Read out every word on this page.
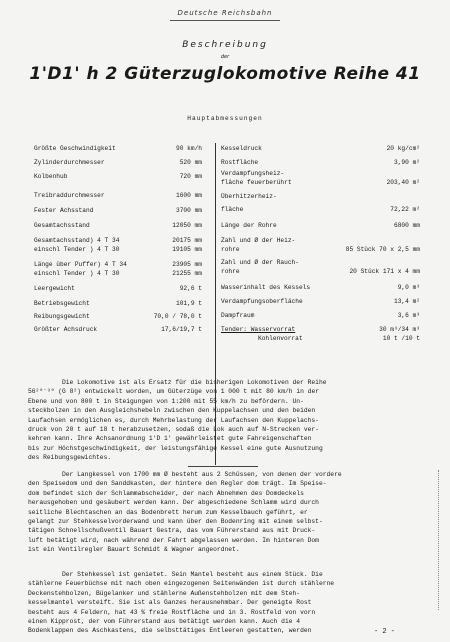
Deutsche Reichsbahn
Beschreibung
der
1'D1' h 2 Güterzuglokomotive Reihe 41
Hauptabmessungen
Größte Geschwindigkeit	90 km/h
Zylinderdurchmesser	520 mm
Kolbenhub	720 mm
Treibraddurchmesser	1600 mm
Fester Achsstand	3700 mm
Gesamtachsstand	12050 mm
Gesamtachsstand) 4 T 34	20175 mm
einschl Tender ) 4 T 30	19105 mm
Länge über Puffer) 4 T 34	23905 mm
einschl Tender ) 4 T 30	21255 mm
Leergewicht	92,6 t
Betriebsgewicht	101,9 t
Reibungsgewicht	70,0 / 78,0 t
Größter Achsdruck	17,6/19,7 t
Kesseldruck	20 kg/cm²
Rostfläche	3,90 m²
Verdampfungsheiz-
fläche feuerberührt	203,40 m²
Überhitzerheiz-
fläche	72,22 m²
Länge der Rohre	6800 mm
Zahl und Ø der Heiz-
rohre	85 Stück 70 x 2,5 mm
Zahl und Ø der Rauch-
rohre	20 Stück 171 x 4 mm
Wasserinhalt des Kessels	9,0 m³
Verdampfungsoberfläche	13,4 m²
Dampfraum	3,6 m³
Tender: Wasservorrat	30 m³/34 m³
Kohlenvorrat	10 t /10 t
Die Lokomotive ist als Ersatz für die bisherigen Lokomotiven der Reihe
56²⁰⁻³⁰ (G 8²) entwickelt worden, um Güterzüge von 1 000 t mit 80 km/h in der
Ebene und von 800 t in Steigungen von 1:200 mit 55 km/h zu befördern. Un-
steckbolzen in den Ausgleichshebeln zwischen den Kuppelachsen und den beiden
Laufachsen ermöglichen es, durch Mehrbelastung der Laufachsen den Kuppelachs-
druck von 20 t auf 18 t herabzusetzen, sodaß die Lok auch auf N-Strecken ver-
kehren kann. Ihre Achsanordnung 1'D 1' gewährleistet gute Fahreigenschaften
bis zur Höchstgeschwindigkeit, der leistungsfähige Kessel eine gute Ausnutzung
des Reibungsgewichtes.
Der Langkessel von 1700 mm Ø besteht aus 2 Schüssen, von denen der vordere
den Speisedom und den Sanddkasten, der hintere den Regler dom trägt. Im Speise-
dom befindet sich der Schlammabscheider, der nach Abnehmen des Domdeckels
herausgehoben und gesäubert werden kann. Der abgeschiedene Schlamm wird durch
seitliche Blechtaschen an das Bodenbrett herum zum Kesselbauch geführt, er
gelangt zur Stehkesselvorderwand und kann über den Bodenring mit einem selbst-
tätigen Schnellschußventil Bauart Gestra, das vom Führerstand aus mit Druck-
luft betätigt wird, nach während der Fahrt abgelassen werden. Im hinteren Dom
ist ein Ventilregler Bauart Schmidt & Wagner angeordnet.
Der Stehkessel ist genietet. Sein Mantel besteht aus einem Stück. Die
stählerne Feuerbüchse mit nach oben eingezogenen Seitenwänden ist durch stählerne
Deckenstehbolzen, Bügelanker und stählerne Außenstehbolzen mit dem Steh-
kesselmantel versteift. Sie ist als Ganzes herausnehmbar. Der geneigte Rost
besteht aus 4 Feldern, hat 43 % freie Rostfläche und in 3. Rostfeld von vorn
einen Kipprost, der vom Führerstand aus betätigt werden kann. Auch die 4
Bodenklappen des Aschkastens, die selbsttätiges Entleeren gestatten, werden	- 2 -
